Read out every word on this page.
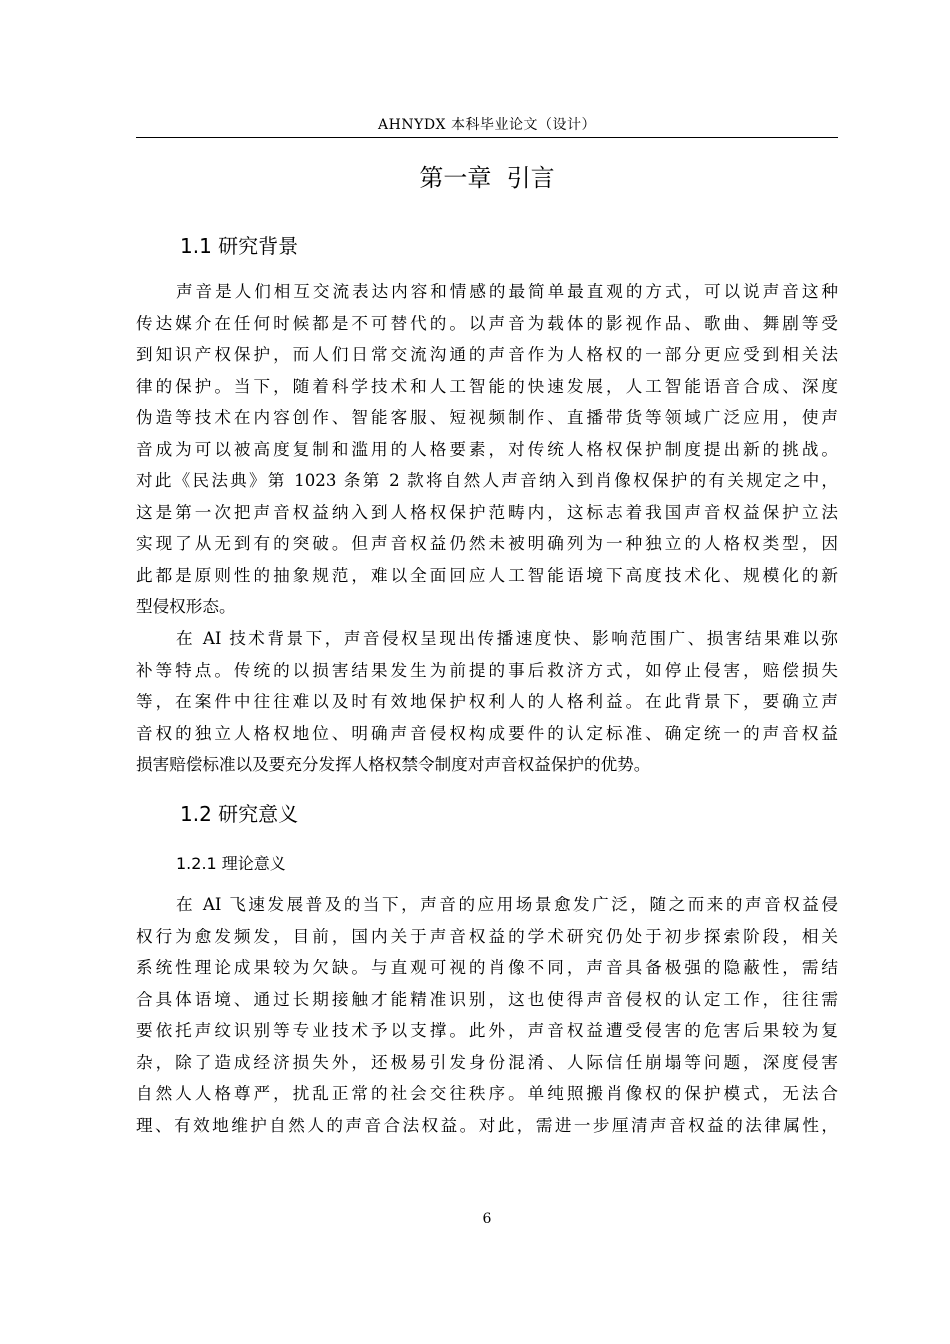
AHNYDX 本科毕业论文（设计）
第一章  引言
1.1 研究背景
声音是人们相互交流表达内容和情感的最简单最直观的方式，可以说声音这种
传达媒介在任何时候都是不可替代的。以声音为载体的影视作品、歌曲、舞剧等受
到知识产权保护，而人们日常交流沟通的声音作为人格权的一部分更应受到相关法
律的保护。当下，随着科学技术和人工智能的快速发展，人工智能语音合成、深度
伪造等技术在内容创作、智能客服、短视频制作、直播带货等领域广泛应用，使声
音成为可以被高度复制和滥用的人格要素，对传统人格权保护制度提出新的挑战。
对此《民法典》第 1023 条第 2 款将自然人声音纳入到肖像权保护的有关规定之中，
这是第一次把声音权益纳入到人格权保护范畴内，这标志着我国声音权益保护立法
实现了从无到有的突破。但声音权益仍然未被明确列为一种独立的人格权类型，因
此都是原则性的抽象规范，难以全面回应人工智能语境下高度技术化、规模化的新
型侵权形态。
在 AI 技术背景下，声音侵权呈现出传播速度快、影响范围广、损害结果难以弥
补等特点。传统的以损害结果发生为前提的事后救济方式，如停止侵害，赔偿损失
等，在案件中往往难以及时有效地保护权利人的人格利益。在此背景下，要确立声
音权的独立人格权地位、明确声音侵权构成要件的认定标准、确定统一的声音权益
损害赔偿标准以及要充分发挥人格权禁令制度对声音权益保护的优势。
1.2 研究意义
1.2.1 理论意义
在 AI 飞速发展普及的当下，声音的应用场景愈发广泛，随之而来的声音权益侵
权行为愈发频发，目前，国内关于声音权益的学术研究仍处于初步探索阶段，相关
系统性理论成果较为欠缺。与直观可视的肖像不同，声音具备极强的隐蔽性，需结
合具体语境、通过长期接触才能精准识别，这也使得声音侵权的认定工作，往往需
要依托声纹识别等专业技术予以支撑。此外，声音权益遭受侵害的危害后果较为复
杂，除了造成经济损失外，还极易引发身份混淆、人际信任崩塌等问题，深度侵害
自然人人格尊严，扰乱正常的社会交往秩序。单纯照搬肖像权的保护模式，无法合
理、有效地维护自然人的声音合法权益。对此，需进一步厘清声音权益的法律属性，
6
